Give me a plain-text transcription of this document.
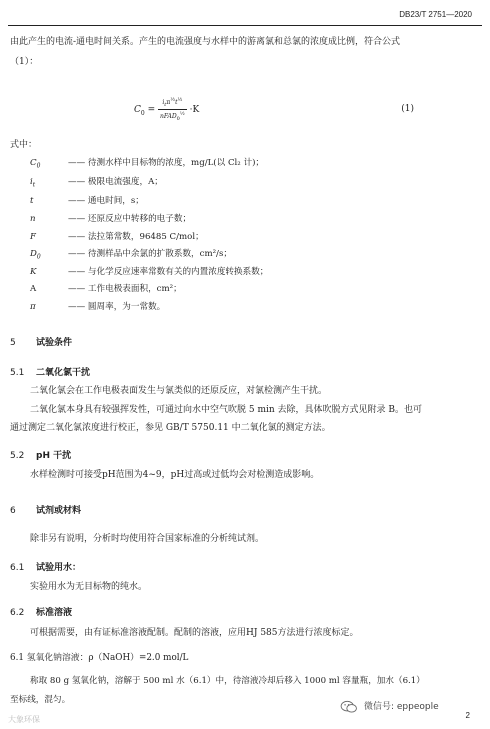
DB23/T 2751—2020
由此产生的电流-通电时间关系。产生的电流强度与水样中的游离氯和总氯的浓度成比例，符合公式
（1）：
$C_0 = \frac{i_t\pi^{\frac{1}{2}}t^{\frac{1}{2}}}{nFAD_0^{\frac{1}{2}}} \cdot K$	(1)
式中：
$C_0$	—— 待测水样中目标物的浓度，mg/L(以 Cl₂ 计)；
$i_t$	—— 极限电流强度，A；
t	—— 通电时间，s；
n	—— 还原反应中转移的电子数；
F	—— 法拉第常数，96485 C/mol；
$D_0$	—— 待测样品中余氯的扩散系数，cm²/s；
K	—— 与化学反应速率常数有关的内置浓度转换系数；
A	—— 工作电极表面积，cm²；
π	—— 圆周率，为一常数。
5 试验条件
5.1 二氧化氯干扰
二氧化氯会在工作电极表面发生与氯类似的还原反应，对氯检测产生干扰。
二氧化氯本身具有较强挥发性，可通过向水中空气吹脱 5 min 去除，具体吹脱方式见附录 B。也可
通过测定二氧化氯浓度进行校正，参见 GB/T 5750.11 中二氧化氯的测定方法。
5.2 pH 干扰
水样检测时可接受pH范围为4~9，pH过高或过低均会对检测造成影响。
6 试剂或材料
除非另有说明，分析时均使用符合国家标准的分析纯试剂。
6.1 试验用水：
实验用水为无目标物的纯水。
6.2 标准溶液
可根据需要，由有证标准溶液配制。配制的溶液，应用HJ 585方法进行浓度标定。
6.1 氢氧化钠溶液：ρ（NaOH）=2.0 mol/L
称取 80 g 氢氧化钠，溶解于 500 ml 水（6.1）中，待溶液冷却后移入 1000 ml 容量瓶，加水（6.1）
至标线，混匀。
微信号: eppeople
2
大象环保
